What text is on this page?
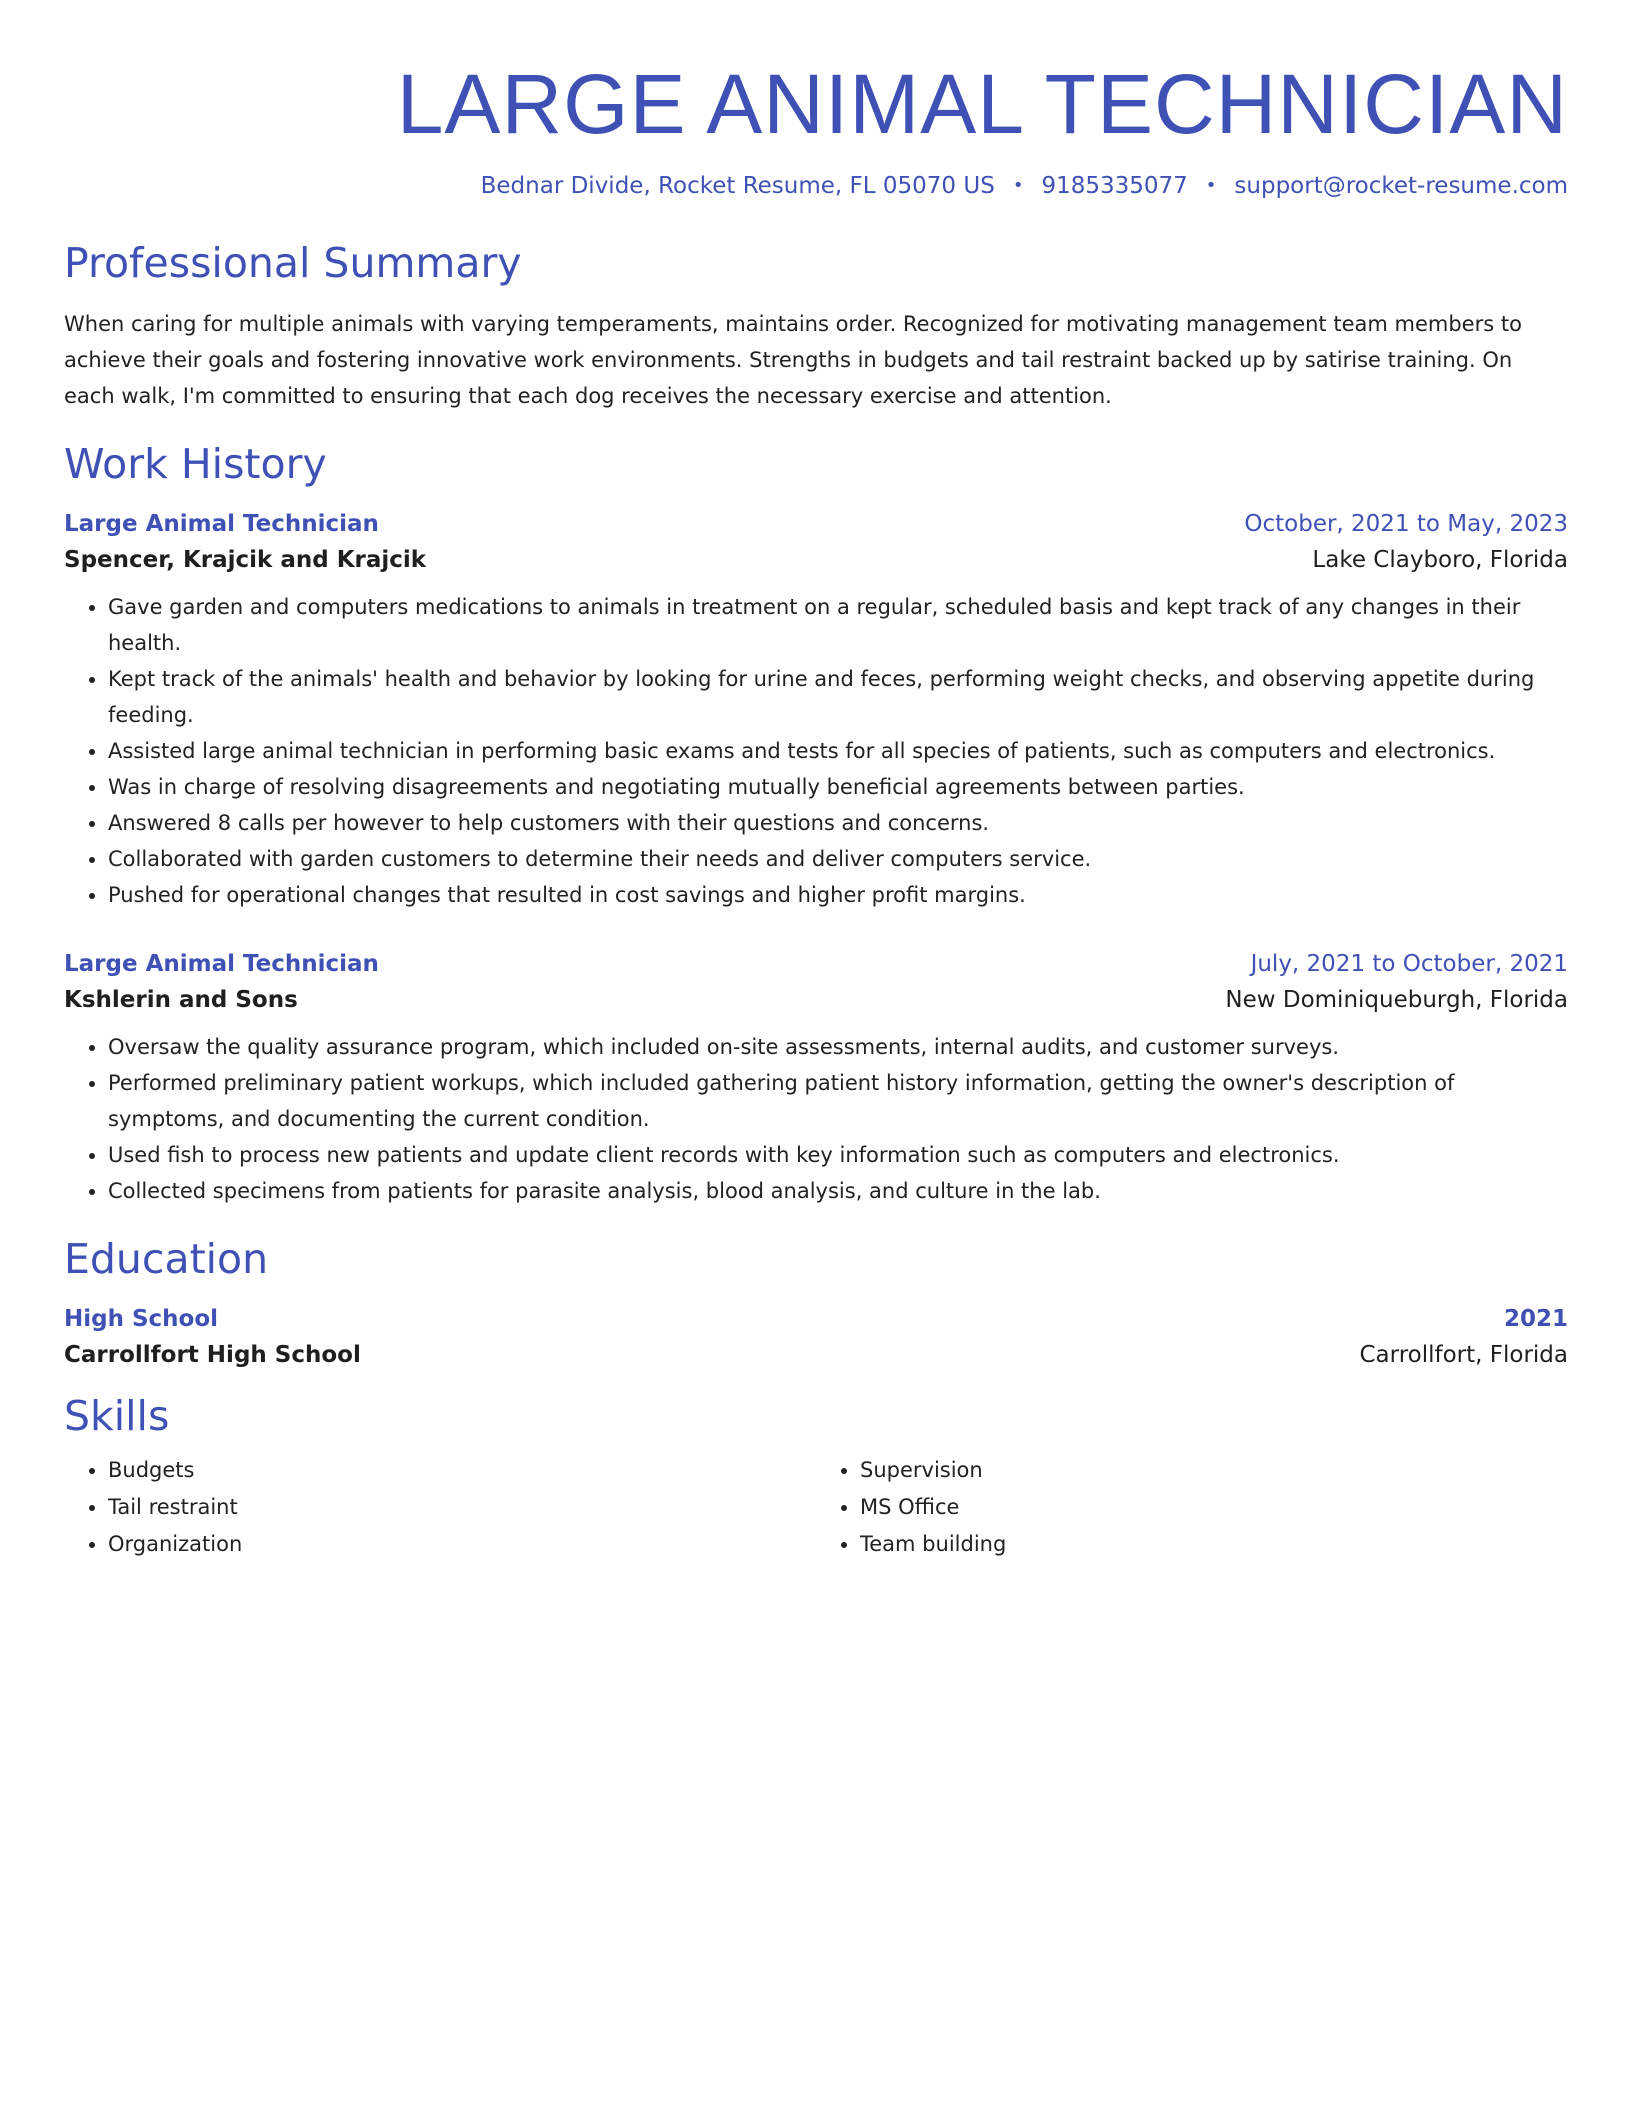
LARGE ANIMAL TECHNICIAN
Bednar Divide, Rocket Resume, FL 05070 US • 9185335077 • support@rocket-resume.com
Professional Summary
When caring for multiple animals with varying temperaments, maintains order. Recognized for motivating management team members to achieve their goals and fostering innovative work environments. Strengths in budgets and tail restraint backed up by satirise training. On each walk, I'm committed to ensuring that each dog receives the necessary exercise and attention.
Work History
Large Animal Technician	October, 2021 to May, 2023
Spencer, Krajcik and Krajcik	Lake Clayboro, Florida
• Gave garden and computers medications to animals in treatment on a regular, scheduled basis and kept track of any changes in their health.
• Kept track of the animals' health and behavior by looking for urine and feces, performing weight checks, and observing appetite during feeding.
• Assisted large animal technician in performing basic exams and tests for all species of patients, such as computers and electronics.
• Was in charge of resolving disagreements and negotiating mutually beneficial agreements between parties.
• Answered 8 calls per however to help customers with their questions and concerns.
• Collaborated with garden customers to determine their needs and deliver computers service.
• Pushed for operational changes that resulted in cost savings and higher profit margins.
Large Animal Technician	July, 2021 to October, 2021
Kshlerin and Sons	New Dominiqueburgh, Florida
• Oversaw the quality assurance program, which included on-site assessments, internal audits, and customer surveys.
• Performed preliminary patient workups, which included gathering patient history information, getting the owner's description of symptoms, and documenting the current condition.
• Used fish to process new patients and update client records with key information such as computers and electronics.
• Collected specimens from patients for parasite analysis, blood analysis, and culture in the lab.
Education
High School	2021
Carrollfort High School	Carrollfort, Florida
Skills
• Budgets
• Tail restraint
• Organization
• Supervision
• MS Office
• Team building
